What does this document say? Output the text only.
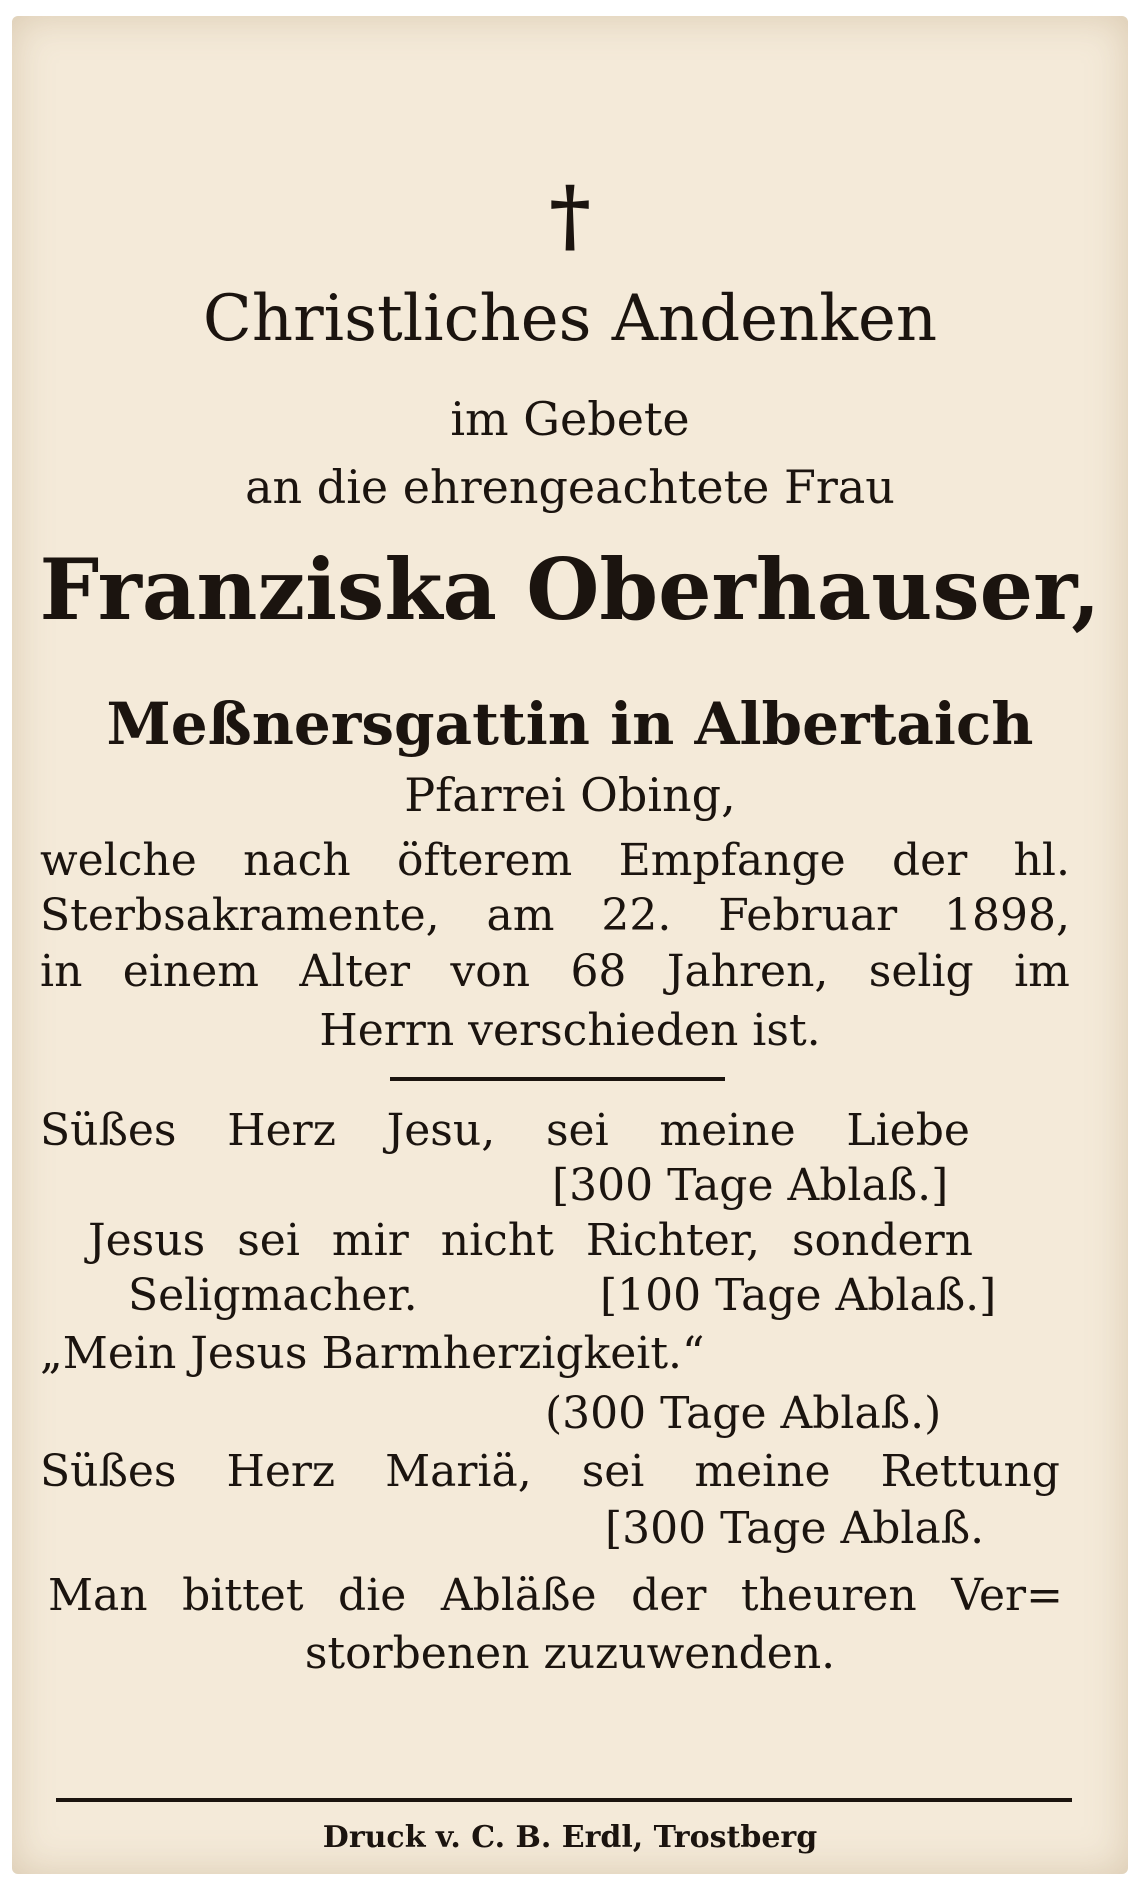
†
Christliches Andenken
im Gebete
an die ehrengeachtete Frau
Franziska Oberhauser,
Meßnersgattin in Albertaich
Pfarrei Obing,
welche nach öfterem Empfange der hl.
Sterbsakramente, am 22. Februar 1898,
in einem Alter von 68 Jahren, selig im
Herrn verschieden ist.
Süßes Herz Jesu, sei meine Liebe
[300 Tage Ablaß.]
Jesus sei mir nicht Richter, sondern
Seligmacher.	[100 Tage Ablaß.]
„Mein Jesus Barmherzigkeit.“
(300 Tage Ablaß.)
Süßes Herz Mariä, sei meine Rettung
[300 Tage Ablaß.
Man bittet die Abläße der theuren Ver=
storbenen zuzuwenden.
Druck v. C. B. Erdl, Trostberg
